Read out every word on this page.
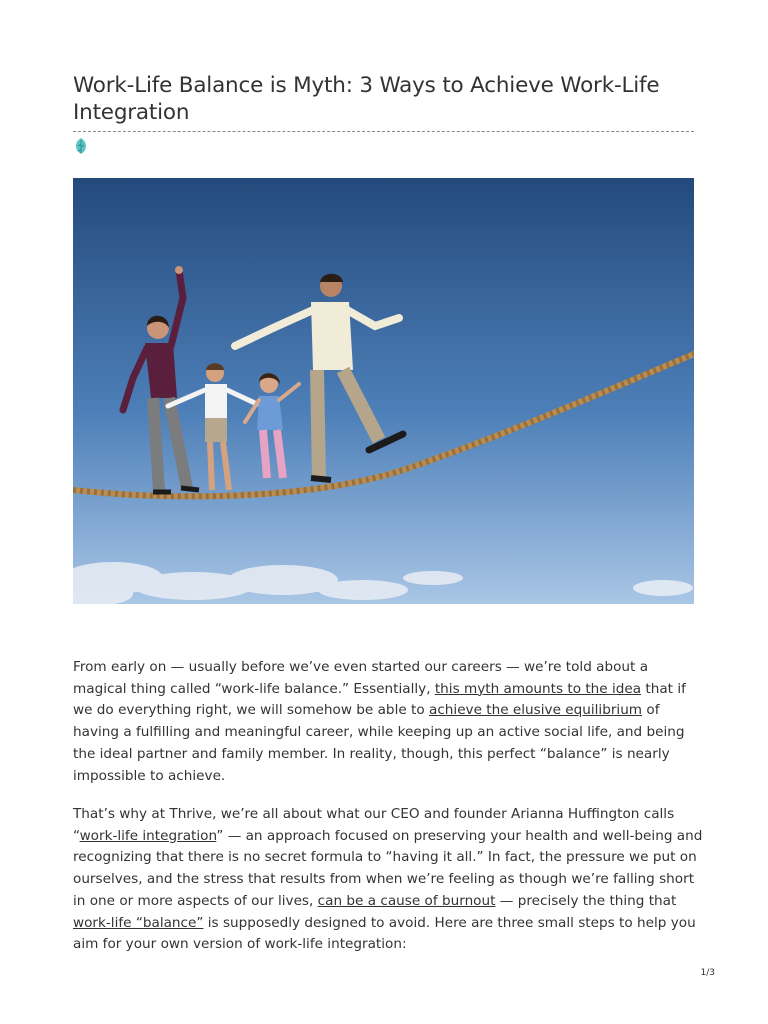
Work-Life Balance is Myth: 3 Ways to Achieve Work-Life Integration

From early on — usually before we’ve even started our careers — we’re told about a magical thing called “work-life balance.” Essentially, this myth amounts to the idea that if we do everything right, we will somehow be able to achieve the elusive equilibrium of having a fulfilling and meaningful career, while keeping up an active social life, and being the ideal partner and family member. In reality, though, this perfect “balance” is nearly impossible to achieve.

That’s why at Thrive, we’re all about what our CEO and founder Arianna Huffington calls “work-life integration” — an approach focused on preserving your health and well-being and recognizing that there is no secret formula to “having it all.” In fact, the pressure we put on ourselves, and the stress that results from when we’re feeling as though we’re falling short in one or more aspects of our lives, can be a cause of burnout — precisely the thing that work-life “balance” is supposedly designed to avoid. Here are three small steps to help you aim for your own version of work-life integration:

1/3
